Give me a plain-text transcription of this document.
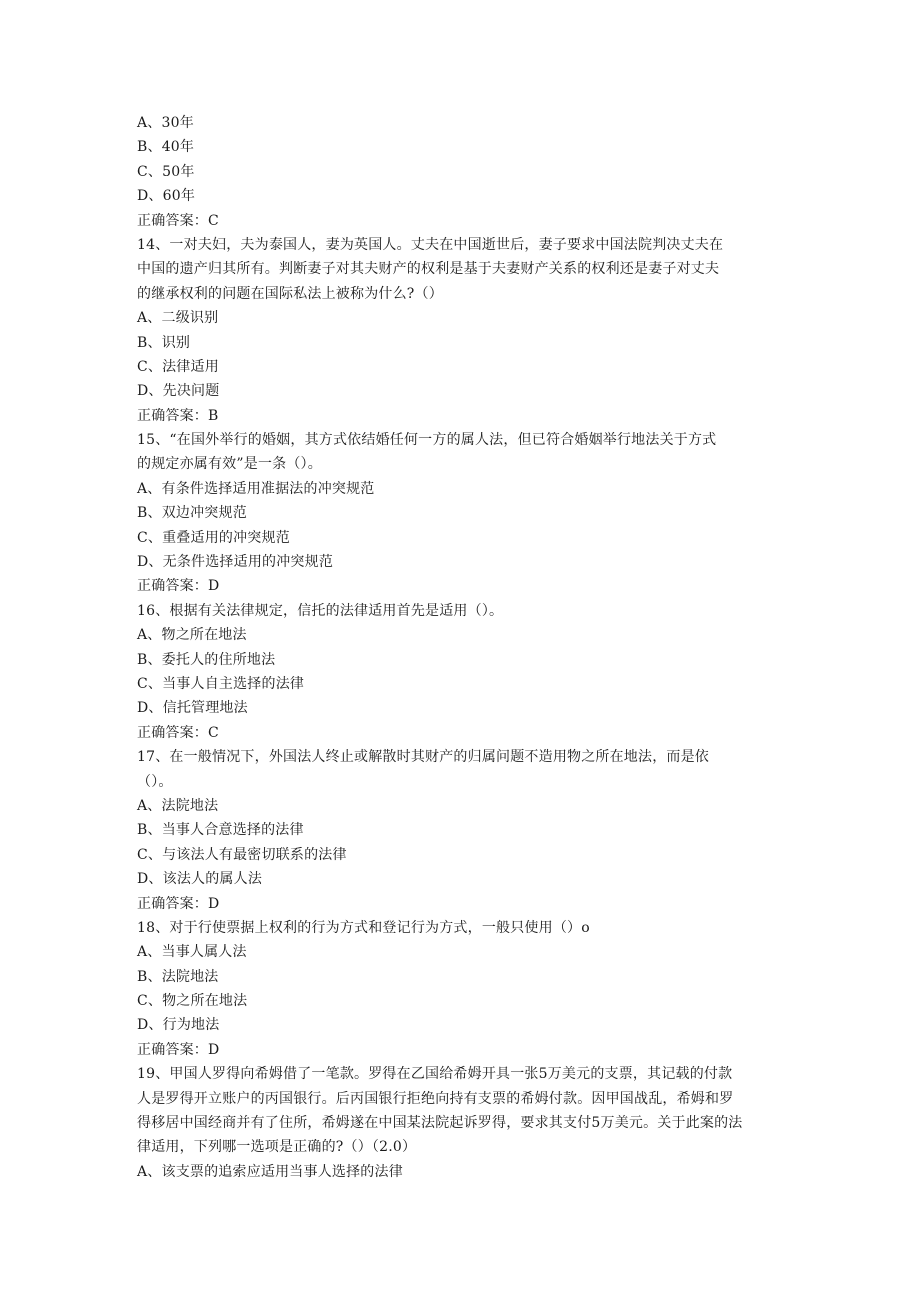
A、30年
B、40年
C、50年
D、60年
正确答案：C
14、一对夫妇，夫为泰国人，妻为英国人。丈夫在中国逝世后，妻子要求中国法院判决丈夫在
中国的遗产归其所有。判断妻子对其夫财产的权利是基于夫妻财产关系的权利还是妻子对丈夫
的继承权利的问题在国际私法上被称为什么?（）
A、二级识别
B、识别
C、法律适用
D、先决问题
正确答案：B
15、“在国外举行的婚姻，其方式依结婚任何一方的属人法，但已符合婚姻举行地法关于方式
的规定亦属有效”是一条（）。
A、有条件选择适用准据法的冲突规范
B、双边冲突规范
C、重叠适用的冲突规范
D、无条件选择适用的冲突规范
正确答案：D
16、根据有关法律规定，信托的法律适用首先是适用（）。
A、物之所在地法
B、委托人的住所地法
C、当事人自主选择的法律
D、信托管理地法
正确答案：C
17、在一般情况下，外国法人终止或解散时其财产的归属问题不造用物之所在地法，而是依
（）。
A、法院地法
B、当事人合意选择的法律
C、与该法人有最密切联系的法律
D、该法人的属人法
正确答案：D
18、对于行使票据上权利的行为方式和登记行为方式，一般只使用（）o
A、当事人属人法
B、法院地法
C、物之所在地法
D、行为地法
正确答案：D
19、甲国人罗得向希姆借了一笔款。罗得在乙国给希姆开具一张5万美元的支票，其记载的付款
人是罗得开立账户的丙国银行。后丙国银行拒绝向持有支票的希姆付款。因甲国战乱，希姆和罗
得移居中国经商并有了住所，希姆遂在中国某法院起诉罗得，要求其支付5万美元。关于此案的法
律适用，下列哪一选项是正确的?（）（2.0）
A、该支票的追索应适用当事人选择的法律
